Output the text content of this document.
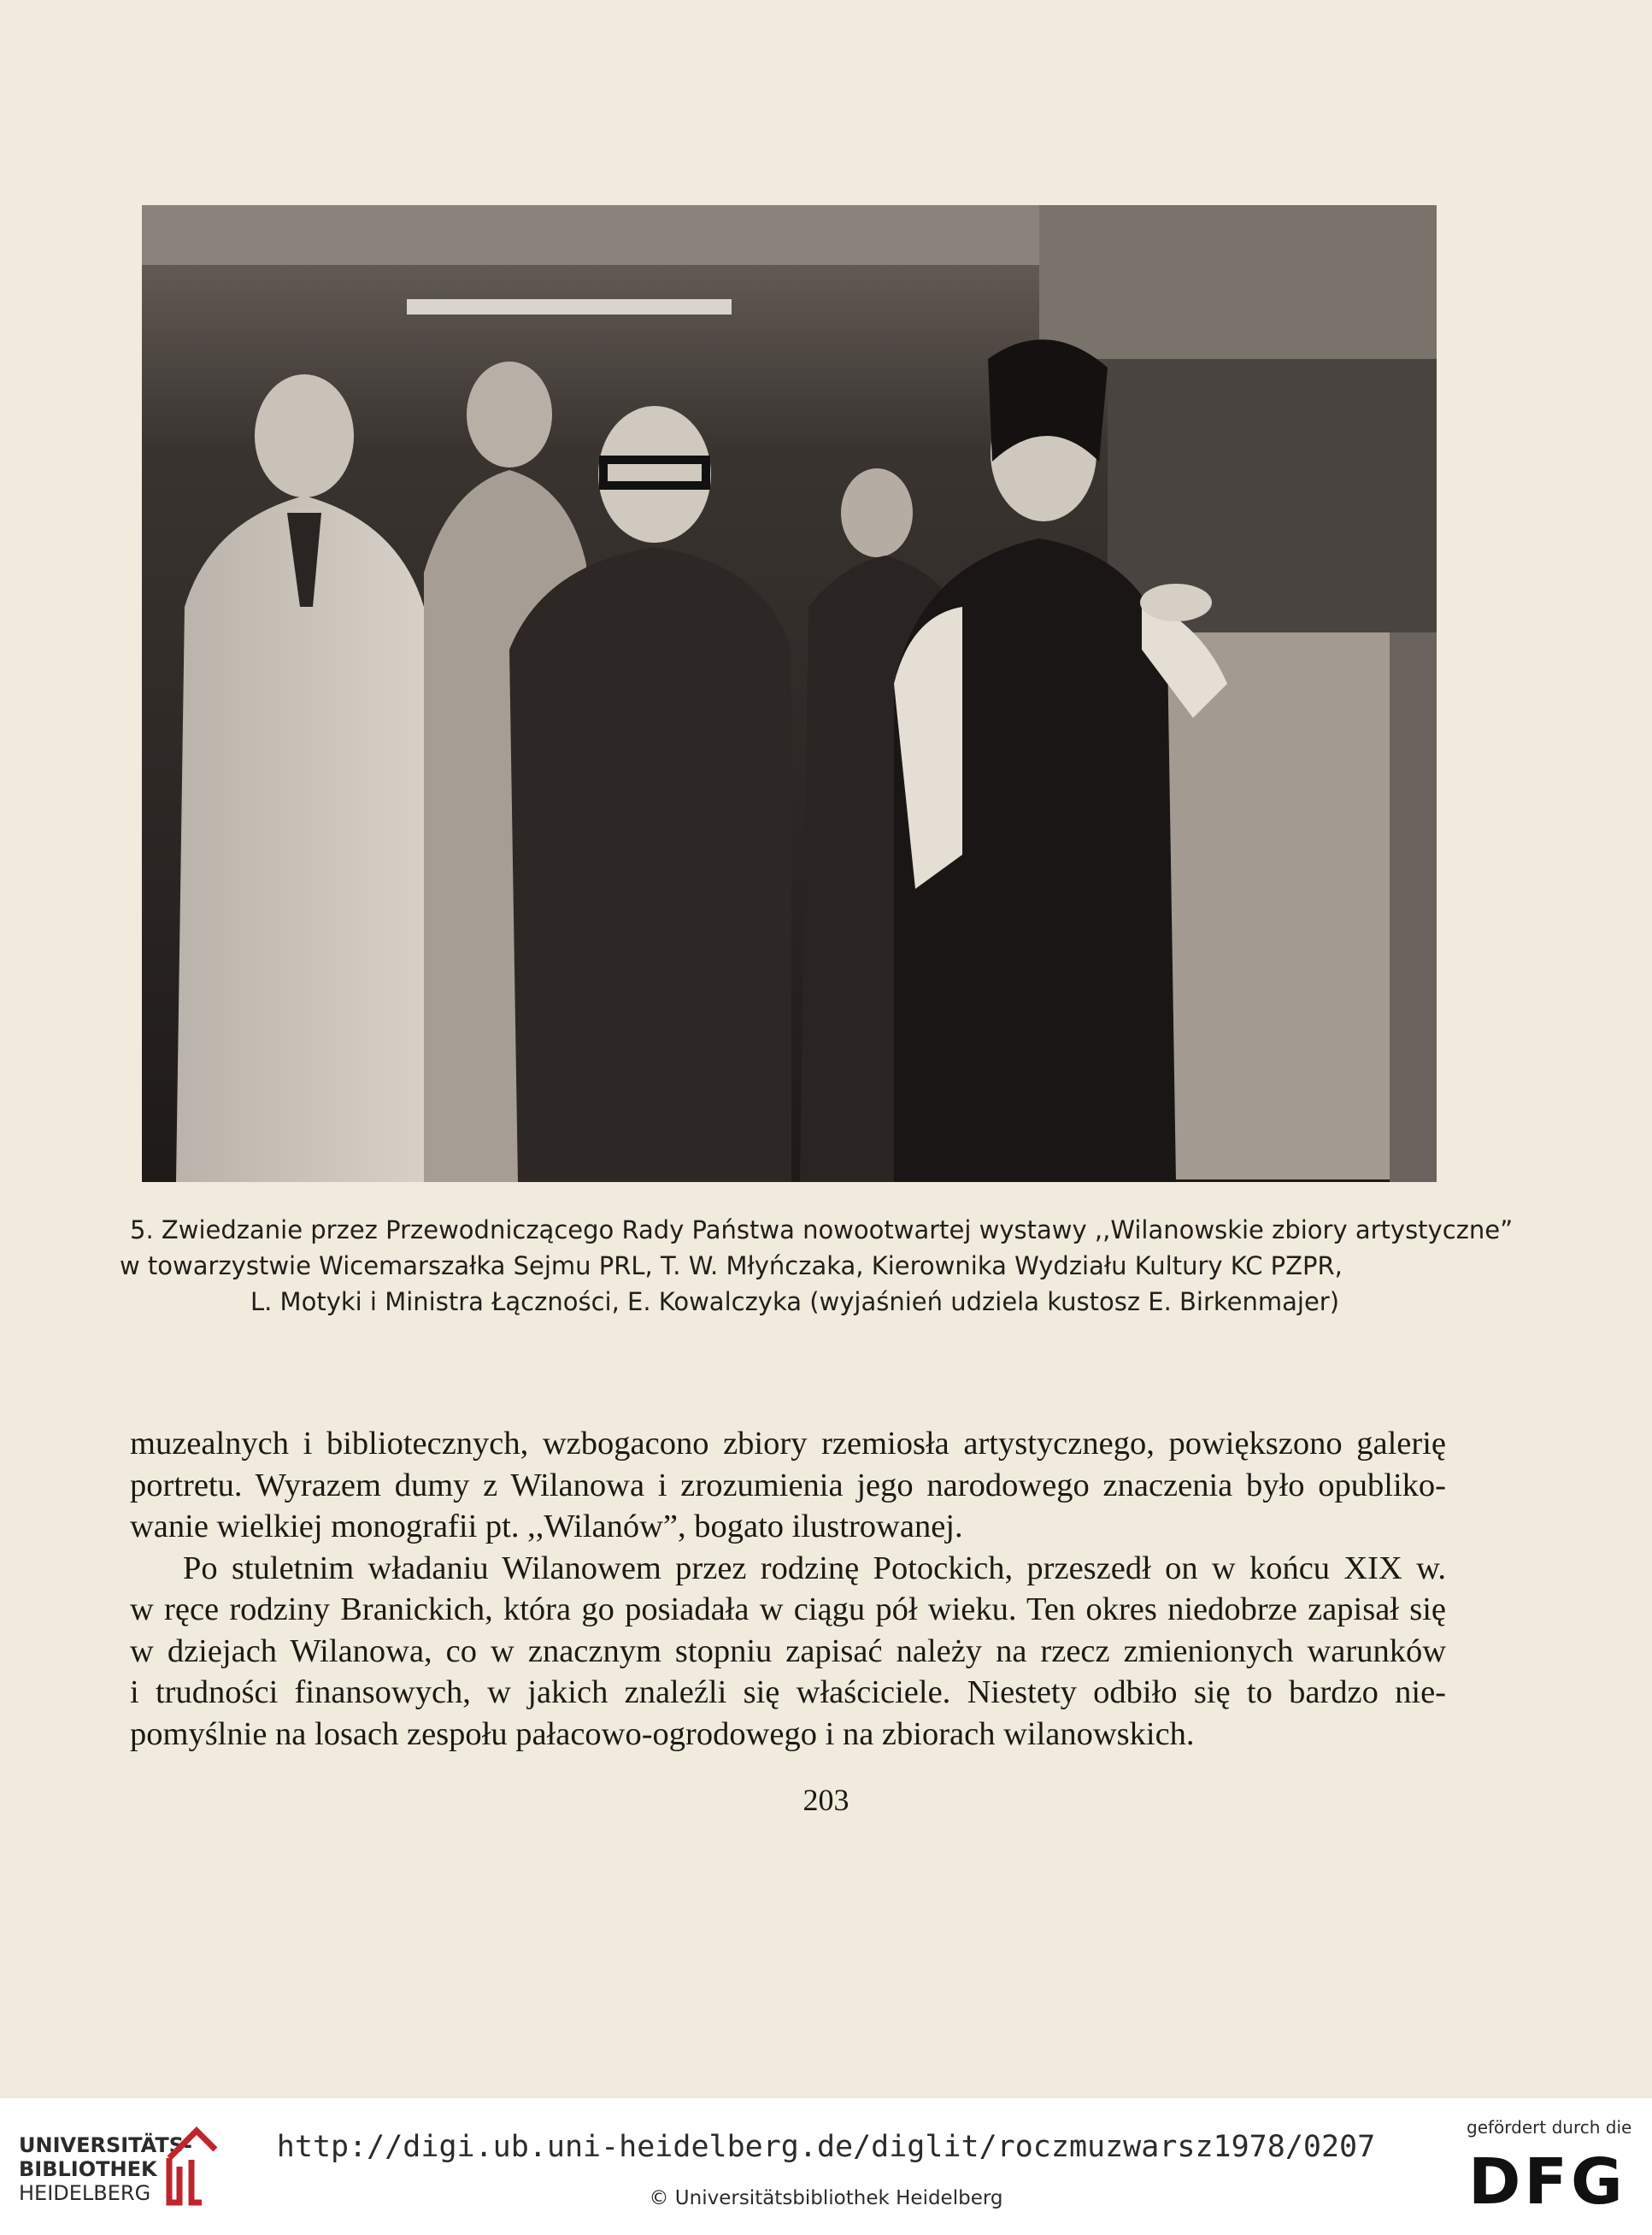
5. Zwiedzanie przez Przewodniczącego Rady Państwa nowootwartej wystawy ,,Wilanowskie zbiory artystyczne”
w towarzystwie Wicemarszałka Sejmu PRL, T. W. Młyńczaka, Kierownika Wydziału Kultury KC PZPR,
L. Motyki i Ministra Łączności, E. Kowalczyka (wyjaśnień udziela kustosz E. Birkenmajer)
muzealnych i bibliotecznych, wzbogacono zbiory rzemiosła artystycznego, powiększono galerię
portretu. Wyrazem dumy z Wilanowa i zrozumienia jego narodowego znaczenia było opubliko-
wanie wielkiej monografii pt. ,,Wilanów”, bogato ilustrowanej.
Po stuletnim władaniu Wilanowem przez rodzinę Potockich, przeszedł on w końcu XIX w.
w ręce rodziny Branickich, która go posiadała w ciągu pół wieku. Ten okres niedobrze zapisał się
w dziejach Wilanowa, co w znacznym stopniu zapisać należy na rzecz zmienionych warunków
i trudności finansowych, w jakich znaleźli się właściciele. Niestety odbiło się to bardzo nie-
pomyślnie na losach zespołu pałacowo-ogrodowego i na zbiorach wilanowskich.
203
UNIVERSITÄTS-
BIBLIOTHEK
HEIDELBERG
http://digi.ub.uni-heidelberg.de/diglit/roczmuzwarsz1978/0207
© Universitätsbibliothek Heidelberg
gefördert durch die
DFG
